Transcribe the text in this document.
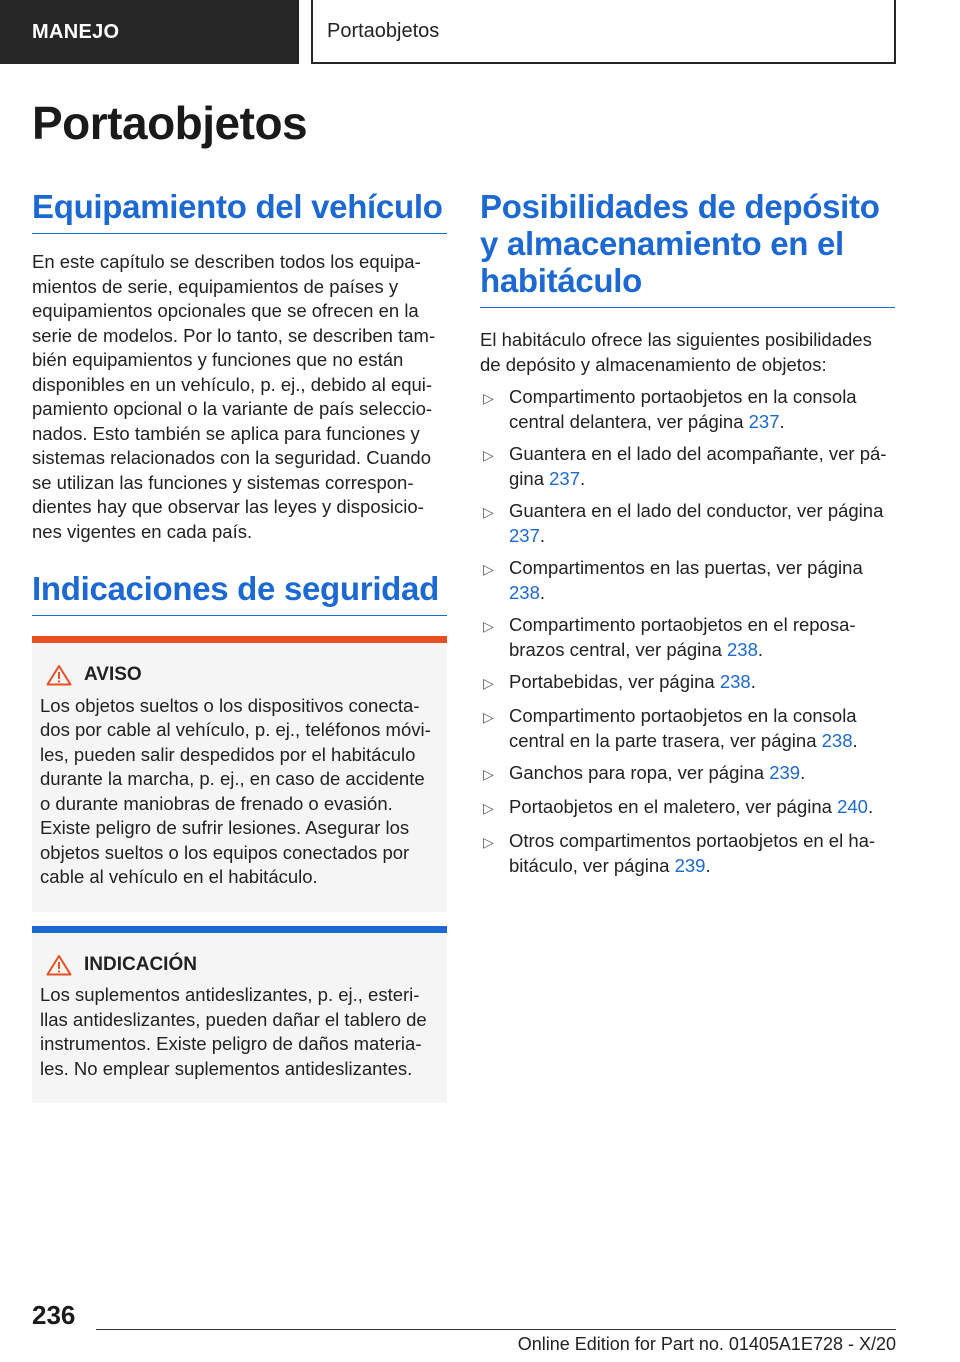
MANEJO	Portaobjetos
Portaobjetos
Equipamiento del vehículo

En este capítulo se describen todos los equipamientos de serie, equipamientos de países y equipamientos opcionales que se ofrecen en la serie de modelos. Por lo tanto, se describen también equipamientos y funciones que no están disponibles en un vehículo, p. ej., debido al equipamiento opcional o la variante de país seleccionados. Esto también se aplica para funciones y sistemas relacionados con la seguridad. Cuando se utilizan las funciones y sistemas correspondientes hay que observar las leyes y disposiciones vigentes en cada país.

Indicaciones de seguridad
AVISO

Los objetos sueltos o los dispositivos conectados por cable al vehículo, p. ej., teléfonos móviles, pueden salir despedidos por el habitáculo durante la marcha, p. ej., en caso de accidente o durante maniobras de frenado o evasión. Existe peligro de sufrir lesiones. Asegurar los objetos sueltos o los equipos conectados por cable al vehículo en el habitáculo.

INDICACIÓN

Los suplementos antideslizantes, p. ej., esterillas antideslizantes, pueden dañar el tablero de instrumentos. Existe peligro de daños materiales. No emplear suplementos antideslizantes.

Posibilidades de depósito y almacenamiento en el habitáculo

El habitáculo ofrece las siguientes posibilidades de depósito y almacenamiento de objetos:

▷ Compartimento portaobjetos en la consola central delantera, ver página 237.
▷ Guantera en el lado del acompañante, ver página 237.
▷ Guantera en el lado del conductor, ver página 237.
▷ Compartimentos en las puertas, ver página 238.
▷ Compartimento portaobjetos en el reposabrazos central, ver página 238.
▷ Portabebidas, ver página 238.
▷ Compartimento portaobjetos en la consola central en la parte trasera, ver página 238.
▷ Ganchos para ropa, ver página 239.
▷ Portaobjetos en el maletero, ver página 240.
▷ Otros compartimentos portaobjetos en el habitáculo, ver página 239.
236
Online Edition for Part no. 01405A1E728 - X/20
